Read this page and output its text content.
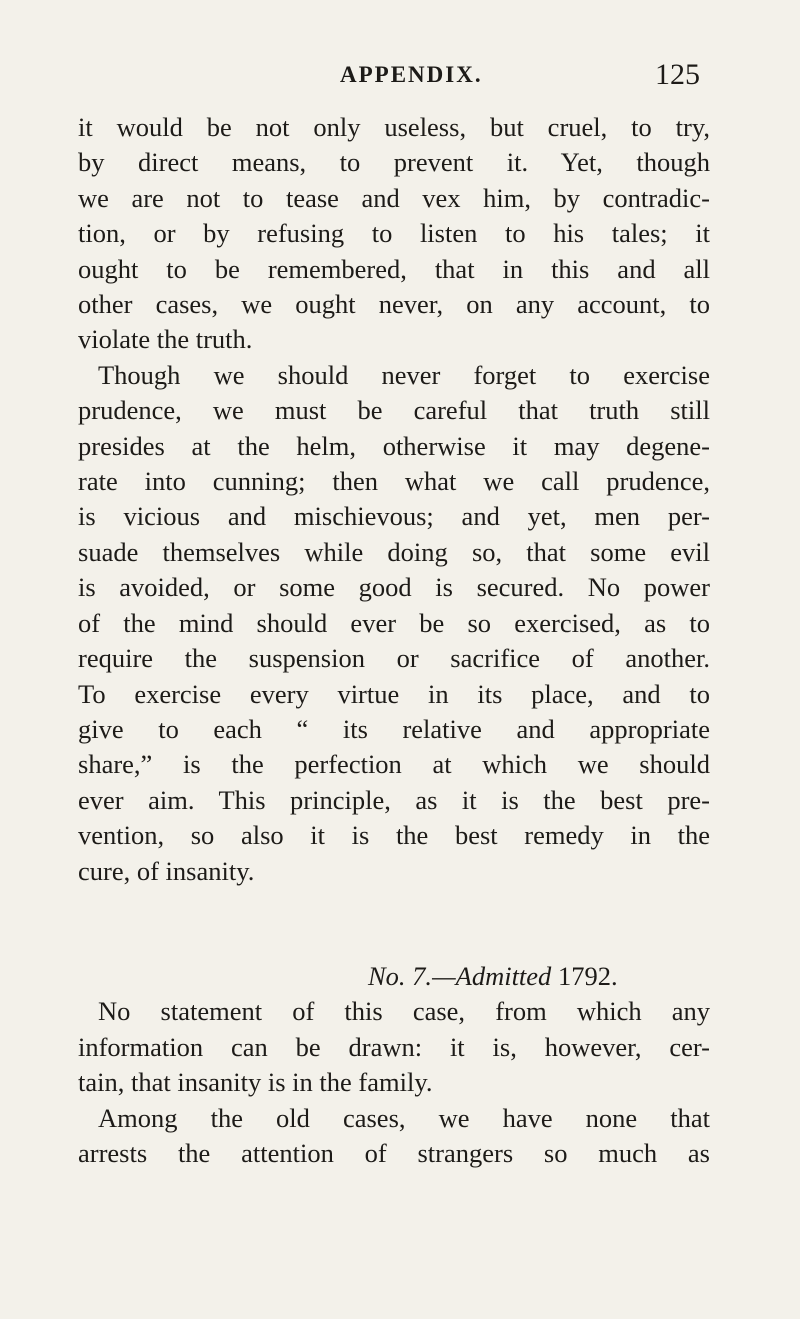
APPENDIX.	125
it would be not only useless, but cruel, to try,
by direct means, to prevent it. Yet, though
we are not to tease and vex him, by contradic-
tion, or by refusing to listen to his tales; it
ought to be remembered, that in this and all
other cases, we ought never, on any account, to
violate the truth.
Though we should never forget to exercise
prudence, we must be careful that truth still
presides at the helm, otherwise it may degene-
rate into cunning; then what we call prudence,
is vicious and mischievous; and yet, men per-
suade themselves while doing so, that some evil
is avoided, or some good is secured. No power
of the mind should ever be so exercised, as to
require the suspension or sacrifice of another.
To exercise every virtue in its place, and to
give to each “ its relative and appropriate
share,” is the perfection at which we should
ever aim. This principle, as it is the best pre-
vention, so also it is the best remedy in the
cure, of insanity.
No. 7.—Admitted 1792.
No statement of this case, from which any
information can be drawn: it is, however, cer-
tain, that insanity is in the family.
Among the old cases, we have none that
arrests the attention of strangers so much as
